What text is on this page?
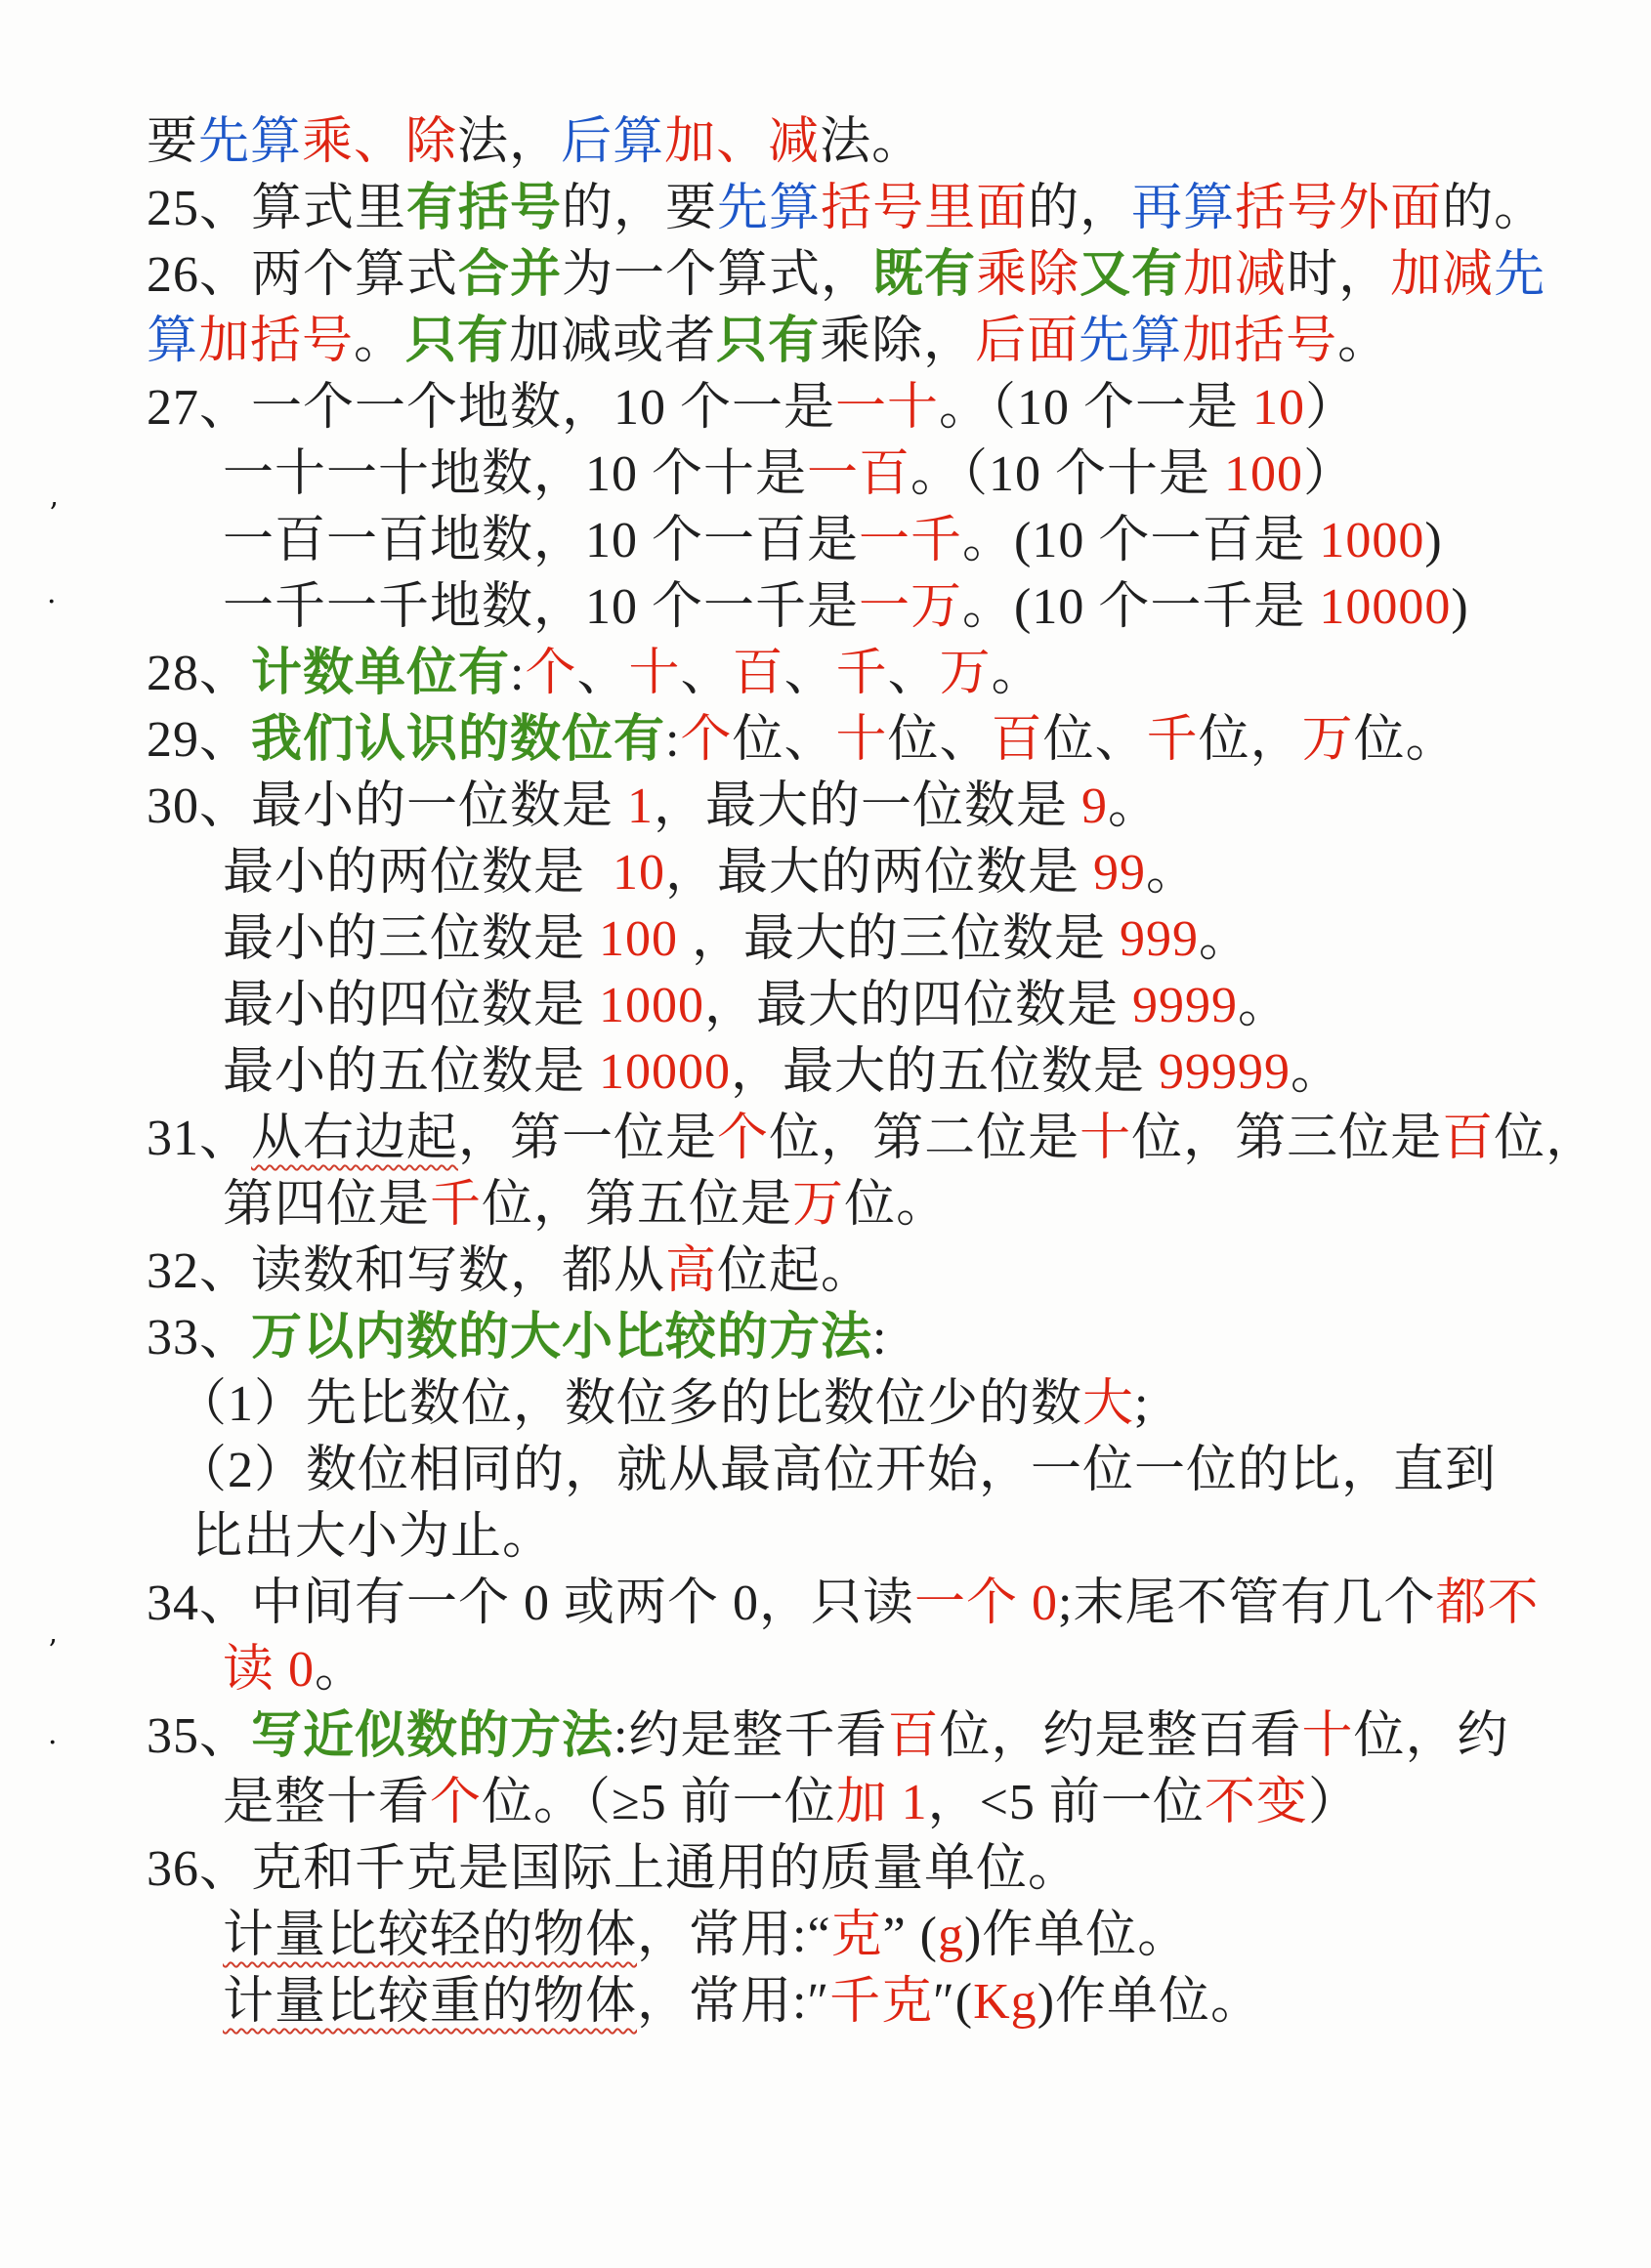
要先算乘、除法，后算加、减法。
25、算式里有括号的，要先算括号里面的，再算括号外面的。
26、两个算式合并为一个算式，既有乘除又有加减时，加减先
算加括号。只有加减或者只有乘除，后面先算加括号。
27、一个一个地数，10 个一是一十。（10 个一是 10）
一十一十地数，10 个十是一百。（10 个十是 100）
一百一百地数，10 个一百是一千。(10 个一百是 1000)
一千一千地数，10 个一千是一万。(10 个一千是 10000)
28、计数单位有:个、十、百、千、万。
29、我们认识的数位有:个位、十位、百位、千位，万位。
30、最小的一位数是 1，最大的一位数是 9。
最小的两位数是  10，最大的两位数是 99。
最小的三位数是 100 ，最大的三位数是 999。
最小的四位数是 1000，最大的四位数是 9999。
最小的五位数是 10000，最大的五位数是 99999。
31、从右边起，第一位是个位，第二位是十位，第三位是百位，
第四位是千位，第五位是万位。
32、读数和写数，都从高位起。
33、万以内数的大小比较的方法:
（1）先比数位，数位多的比数位少的数大;
（2）数位相同的，就从最高位开始，一位一位的比，直到
比出大小为止。
34、中间有一个 0 或两个 0，只读一个 0;末尾不管有几个都不
读 0。
35、写近似数的方法:约是整千看百位，约是整百看十位，约
是整十看个位。（≥5 前一位加 1，<5 前一位不变）
36、克和千克是国际上通用的质量单位。
计量比较轻的物体，常用:“克” (g)作单位。
计量比较重的物体，常用:″千克″(Kg)作单位。
’
·
’
·
